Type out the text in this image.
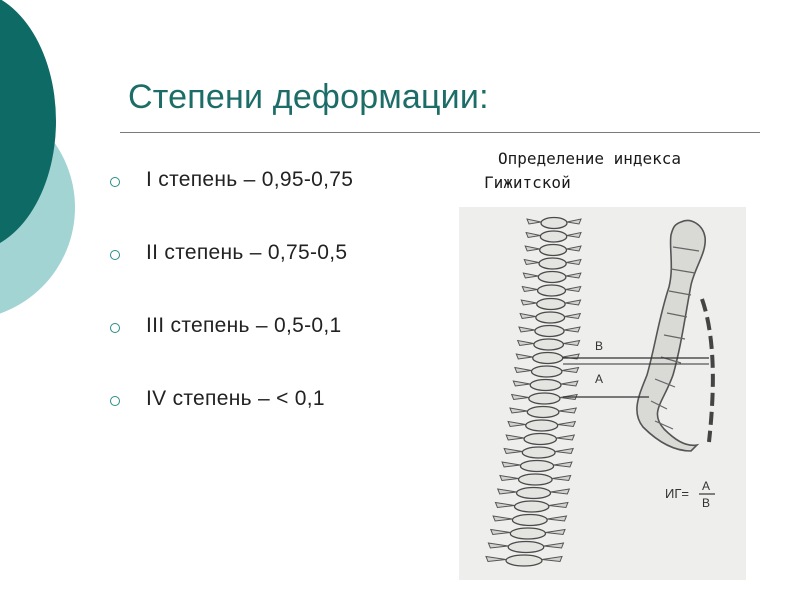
Степени деформации:
I степень – 0,95-0,75
II степень – 0,75-0,5
III степень – 0,5-0,1
IV степень – < 0,1

Определение индекса
Гижитской

B
A
ИГ= A
B
